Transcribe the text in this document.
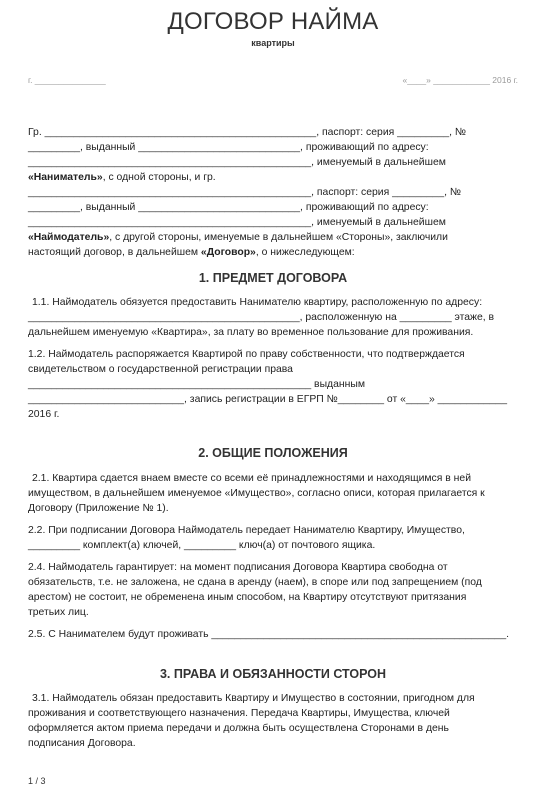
ДОГОВОР НАЙМА
квартиры
г. _______________	«____» ____________ 2016 г.
Гр. _______________________________________________, паспорт: серия _________, №
_________, выданный ____________________________, проживающий по адресу:
_________________________________________________, именуемый в дальнейшем
«Наниматель», с одной стороны, и гр.
_________________________________________________, паспорт: серия _________, №
_________, выданный ____________________________, проживающий по адресу:
_________________________________________________, именуемый в дальнейшем
«Наймодатель», с другой стороны, именуемые в дальнейшем «Стороны», заключили
настоящий договор, в дальнейшем «Договор», о нижеследующем:
1. ПРЕДМЕТ ДОГОВОРА
1.1. Наймодатель обязуется предоставить Нанимателю квартиру, расположенную по адресу:
_______________________________________________, расположенную на _________ этаже, в
дальнейшем именуемую «Квартира», за плату во временное пользование для проживания.
1.2. Наймодатель распоряжается Квартирой по праву собственности, что подтверждается
свидетельством о государственной регистрации права
_________________________________________________ выданным
___________________________, запись регистрации в ЕГРП №________ от «____» ____________
2016 г.
2. ОБЩИЕ ПОЛОЖЕНИЯ
2.1. Квартира сдается внаем вместе со всеми её принадлежностями и находящимся в ней
имуществом, в дальнейшем именуемое «Имущество», согласно описи, которая прилагается к
Договору (Приложение № 1).
2.2. При подписании Договора Наймодатель передает Нанимателю Квартиру, Имущество,
_________ комплект(а) ключей, _________ ключ(а) от почтового ящика.
2.4. Наймодатель гарантирует: на момент подписания Договора Квартира свободна от
обязательств, т.е. не заложена, не сдана в аренду (наем), в споре или под запрещением (под
арестом) не состоит, не обременена иным способом, на Квартиру отсутствуют притязания
третьих лиц.
2.5. С Нанимателем будут проживать ___________________________________________________.
3. ПРАВА И ОБЯЗАННОСТИ СТОРОН
3.1. Наймодатель обязан предоставить Квартиру и Имущество в состоянии, пригодном для
проживания и соответствующего назначения. Передача Квартиры, Имущества, ключей
оформляется актом приема передачи и должна быть осуществлена Сторонами в день
подписания Договора.
1 / 3
